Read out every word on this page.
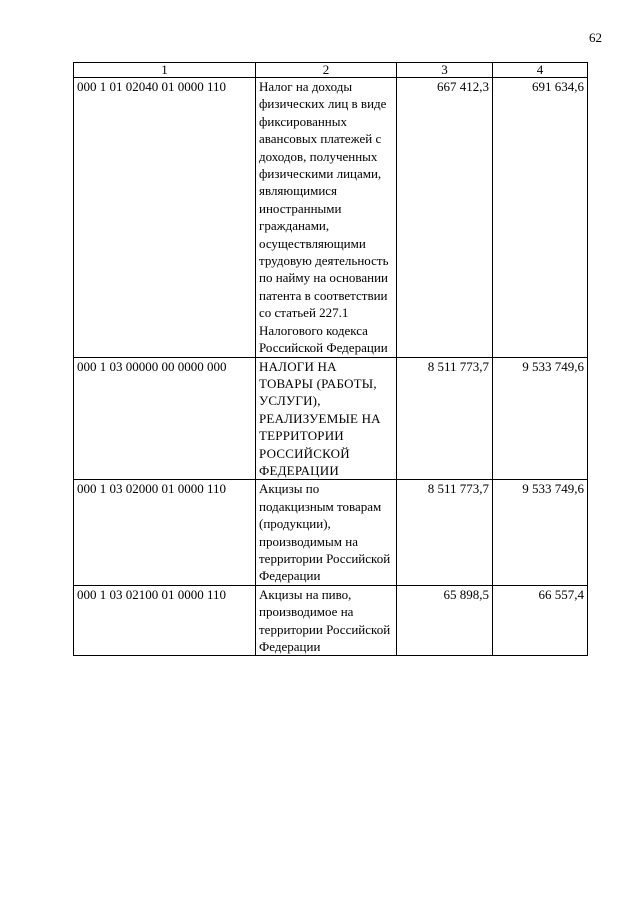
62
1	2	3	4
000 1 01 02040 01 0000 110	Налог на доходы физических лиц в виде фиксированных авансовых платежей с доходов, полученных физическими лицами, являющимися иностранными гражданами, осуществляющими трудовую деятельность по найму на основании патента в соответствии со статьей 227.1 Налогового кодекса Российской Федерации	667 412,3	691 634,6
000 1 03 00000 00 0000 000	НАЛОГИ НА ТОВАРЫ (РАБОТЫ, УСЛУГИ), РЕАЛИЗУЕМЫЕ НА ТЕРРИТОРИИ РОССИЙСКОЙ ФЕДЕРАЦИИ	8 511 773,7	9 533 749,6
000 1 03 02000 01 0000 110	Акцизы по подакцизным товарам (продукции), производимым на территории Российской Федерации	8 511 773,7	9 533 749,6
000 1 03 02100 01 0000 110	Акцизы на пиво, производимое на территории Российской Федерации	65 898,5	66 557,4
